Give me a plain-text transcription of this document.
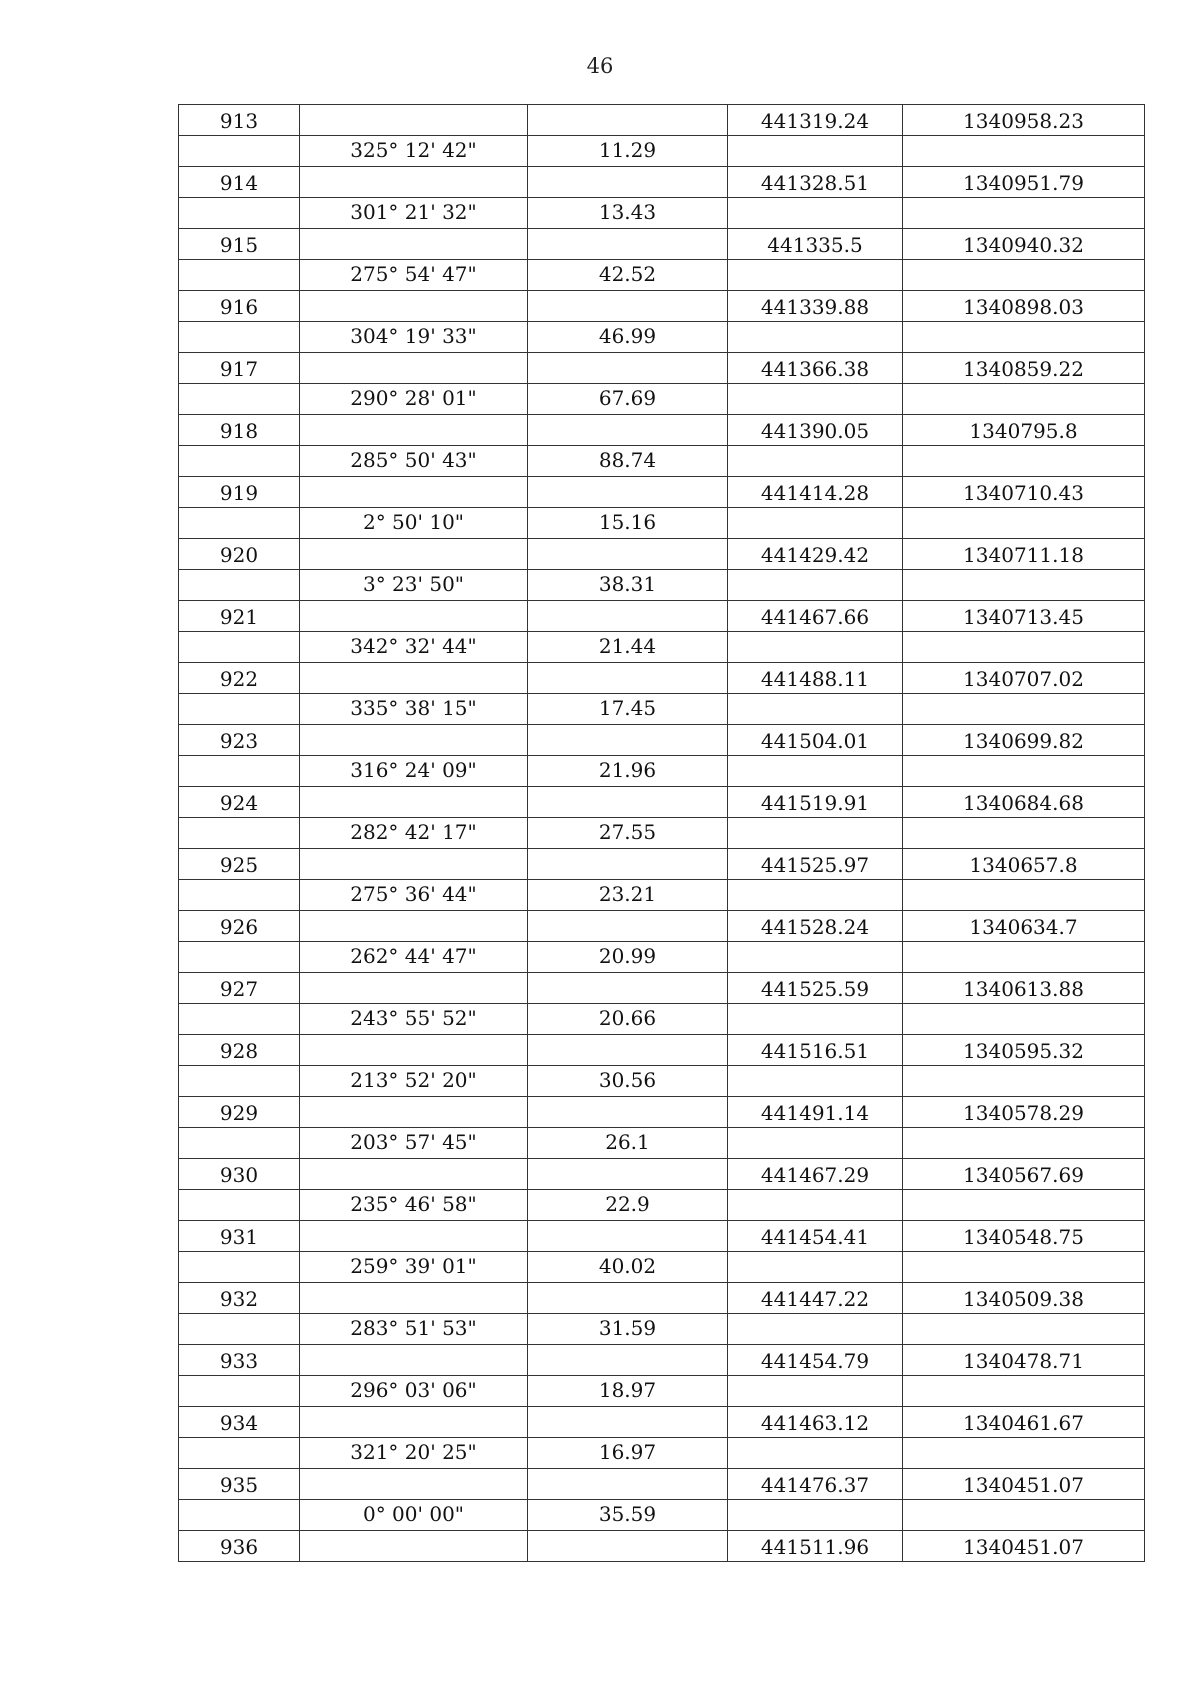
46
913			441319.24	1340958.23
	325° 12' 42"	11.29		
914			441328.51	1340951.79
	301° 21' 32"	13.43		
915			441335.5	1340940.32
	275° 54' 47"	42.52		
916			441339.88	1340898.03
	304° 19' 33"	46.99		
917			441366.38	1340859.22
	290° 28' 01"	67.69		
918			441390.05	1340795.8
	285° 50' 43"	88.74		
919			441414.28	1340710.43
	2° 50' 10"	15.16		
920			441429.42	1340711.18
	3° 23' 50"	38.31		
921			441467.66	1340713.45
	342° 32' 44"	21.44		
922			441488.11	1340707.02
	335° 38' 15"	17.45		
923			441504.01	1340699.82
	316° 24' 09"	21.96		
924			441519.91	1340684.68
	282° 42' 17"	27.55		
925			441525.97	1340657.8
	275° 36' 44"	23.21		
926			441528.24	1340634.7
	262° 44' 47"	20.99		
927			441525.59	1340613.88
	243° 55' 52"	20.66		
928			441516.51	1340595.32
	213° 52' 20"	30.56		
929			441491.14	1340578.29
	203° 57' 45"	26.1		
930			441467.29	1340567.69
	235° 46' 58"	22.9		
931			441454.41	1340548.75
	259° 39' 01"	40.02		
932			441447.22	1340509.38
	283° 51' 53"	31.59		
933			441454.79	1340478.71
	296° 03' 06"	18.97		
934			441463.12	1340461.67
	321° 20' 25"	16.97		
935			441476.37	1340451.07
	0° 00' 00"	35.59		
936			441511.96	1340451.07
